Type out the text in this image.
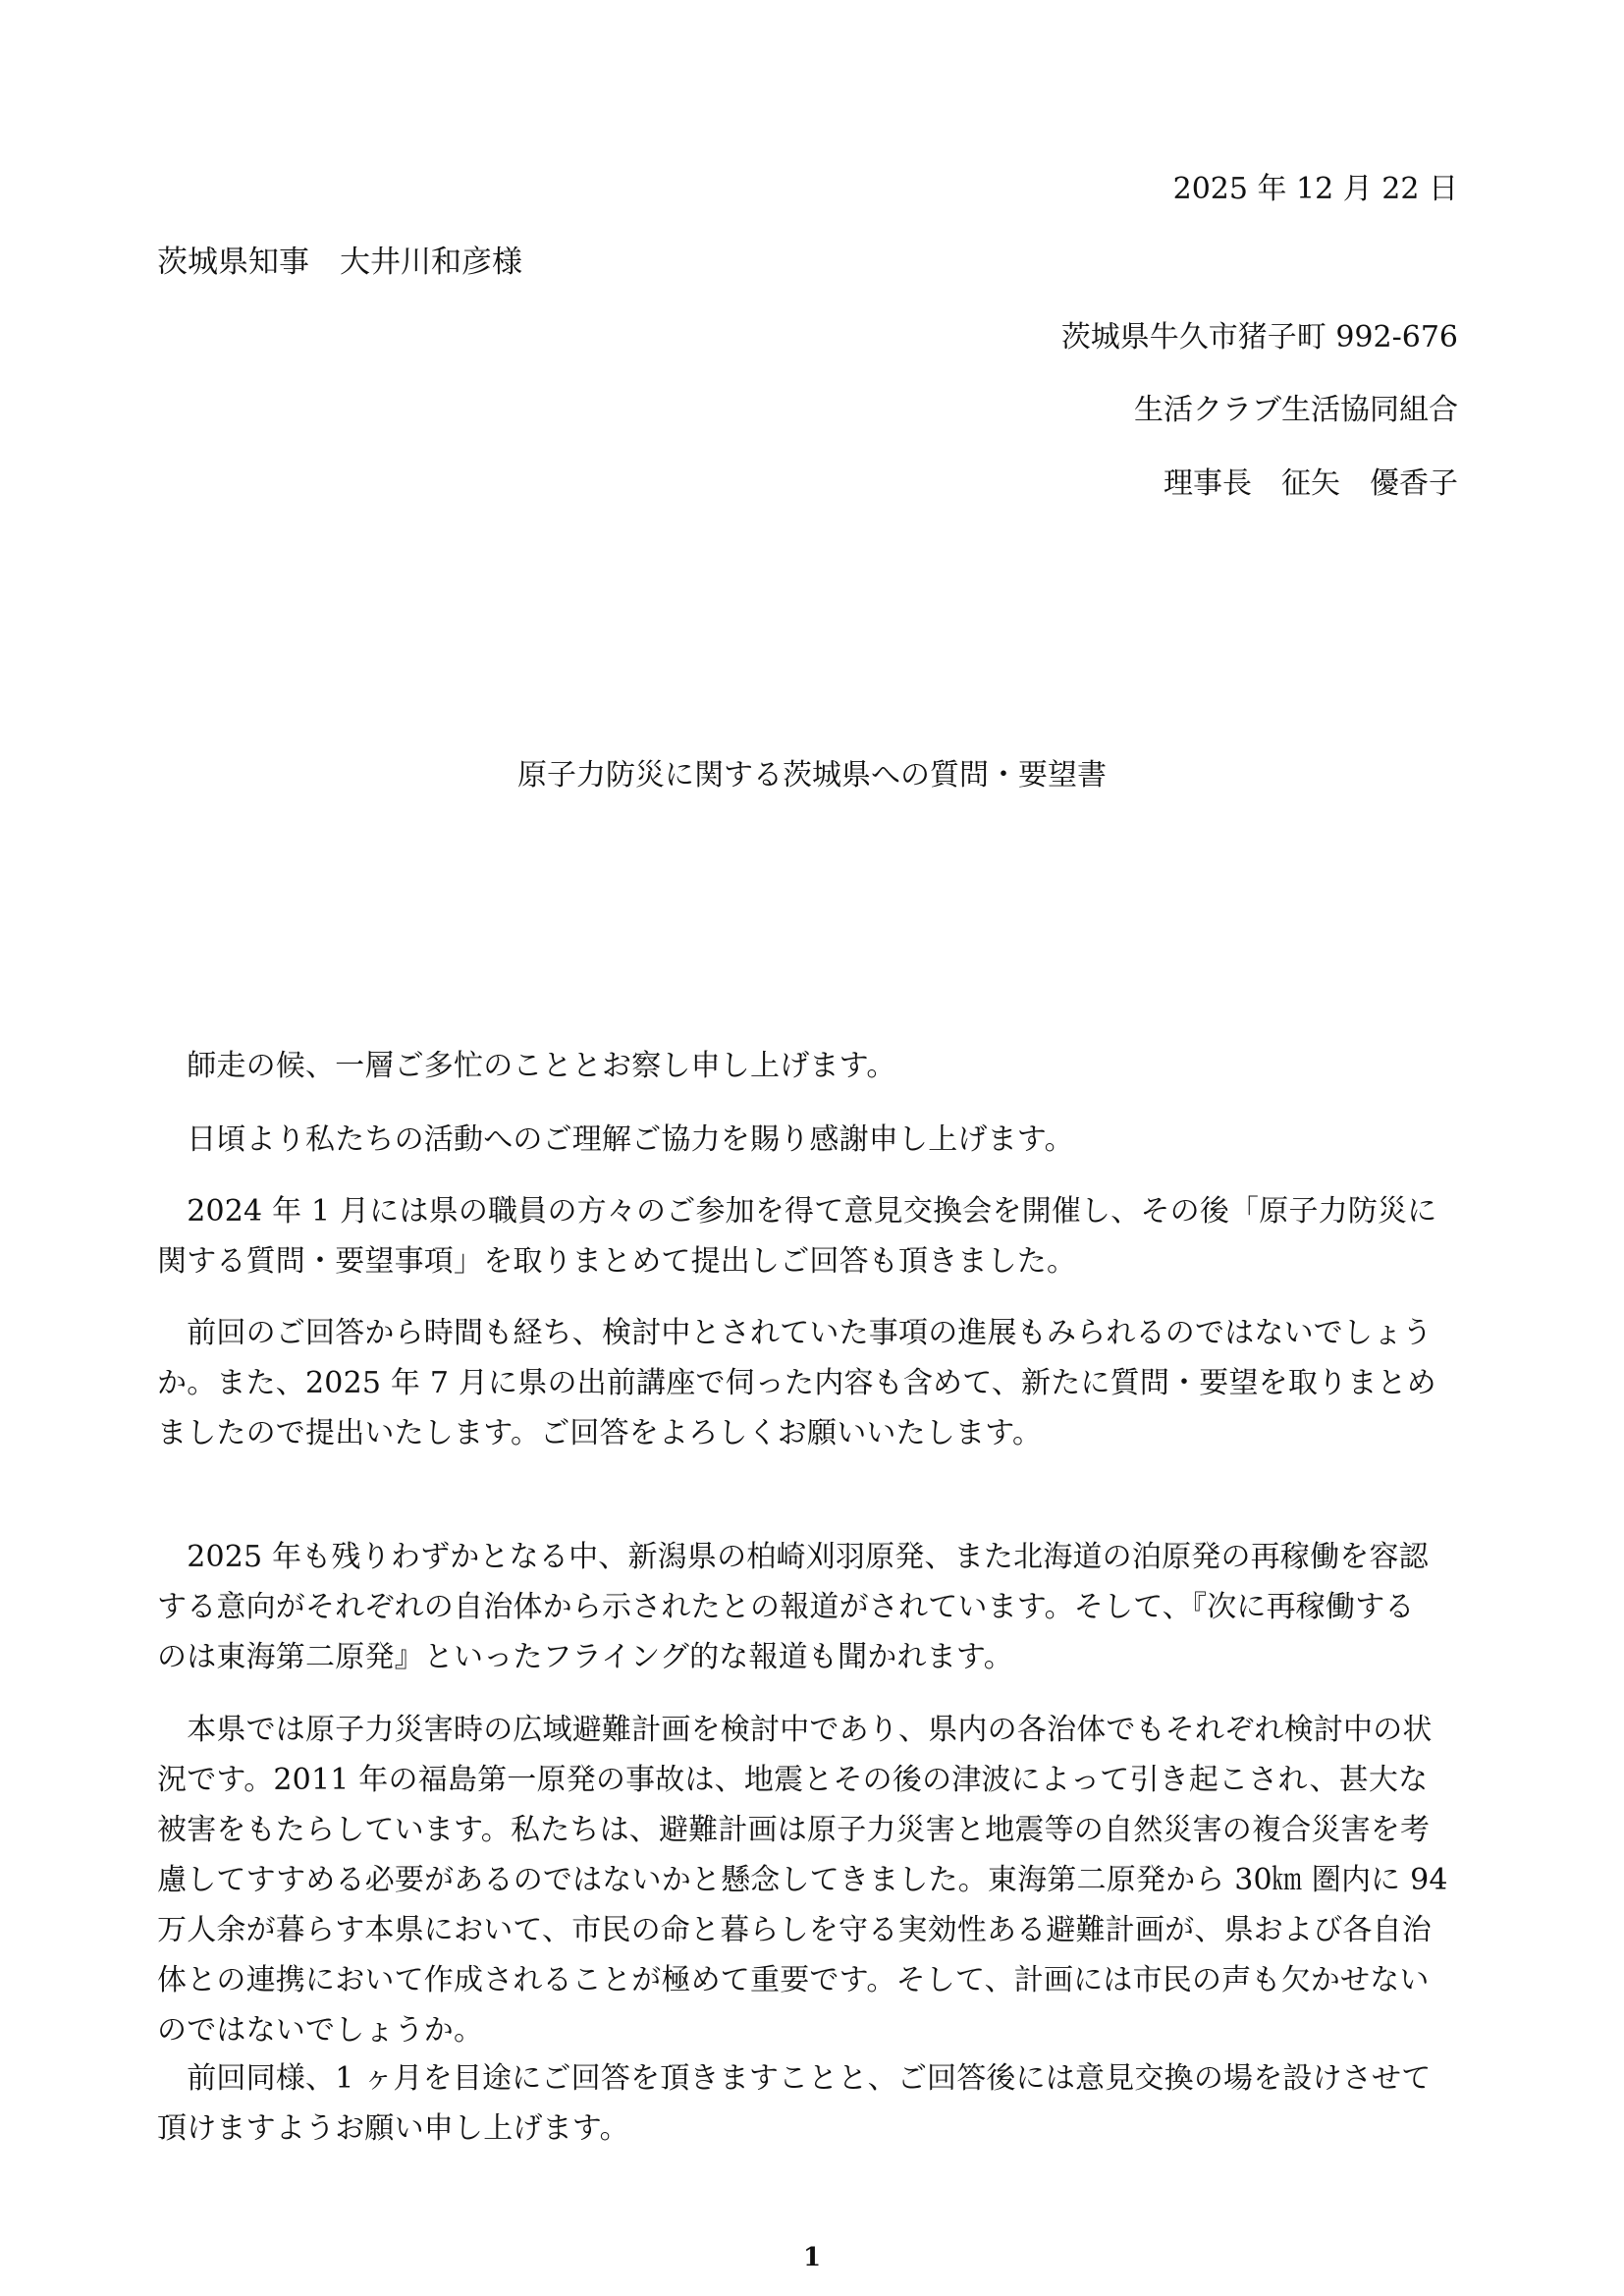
2025 年 12 月 22 日
茨城県知事　大井川和彦様
茨城県牛久市猪子町 992-676
生活クラブ生活協同組合
理事長　征矢　優香子
原子力防災に関する茨城県への質問・要望書

　師走の候、一層ご多忙のこととお察し申し上げます。

　日頃より私たちの活動へのご理解ご協力を賜り感謝申し上げます。

　2024 年 1 月には県の職員の方々のご参加を得て意見交換会を開催し、その後「原子力防災に
関する質問・要望事項」を取りまとめて提出しご回答も頂きました。

　前回のご回答から時間も経ち、検討中とされていた事項の進展もみられるのではないでしょう
か。また、2025 年 7 月に県の出前講座で伺った内容も含めて、新たに質問・要望を取りまとめ
ましたので提出いたします。ご回答をよろしくお願いいたします。

　2025 年も残りわずかとなる中、新潟県の柏崎刈羽原発、また北海道の泊原発の再稼働を容認
する意向がそれぞれの自治体から示されたとの報道がされています。そして、『次に再稼働する
のは東海第二原発』といったフライング的な報道も聞かれます。

　本県では原子力災害時の広域避難計画を検討中であり、県内の各治体でもそれぞれ検討中の状
況です。2011 年の福島第一原発の事故は、地震とその後の津波によって引き起こされ、甚大な
被害をもたらしています。私たちは、避難計画は原子力災害と地震等の自然災害の複合災害を考
慮してすすめる必要があるのではないかと懸念してきました。東海第二原発から 30㎞ 圏内に 94
万人余が暮らす本県において、市民の命と暮らしを守る実効性ある避難計画が、県および各自治
体との連携において作成されることが極めて重要です。そして、計画には市民の声も欠かせない
のではないでしょうか。

　前回同様、1 ヶ月を目途にご回答を頂きますことと、ご回答後には意見交換の場を設けさせて
頂けますようお願い申し上げます。

1
